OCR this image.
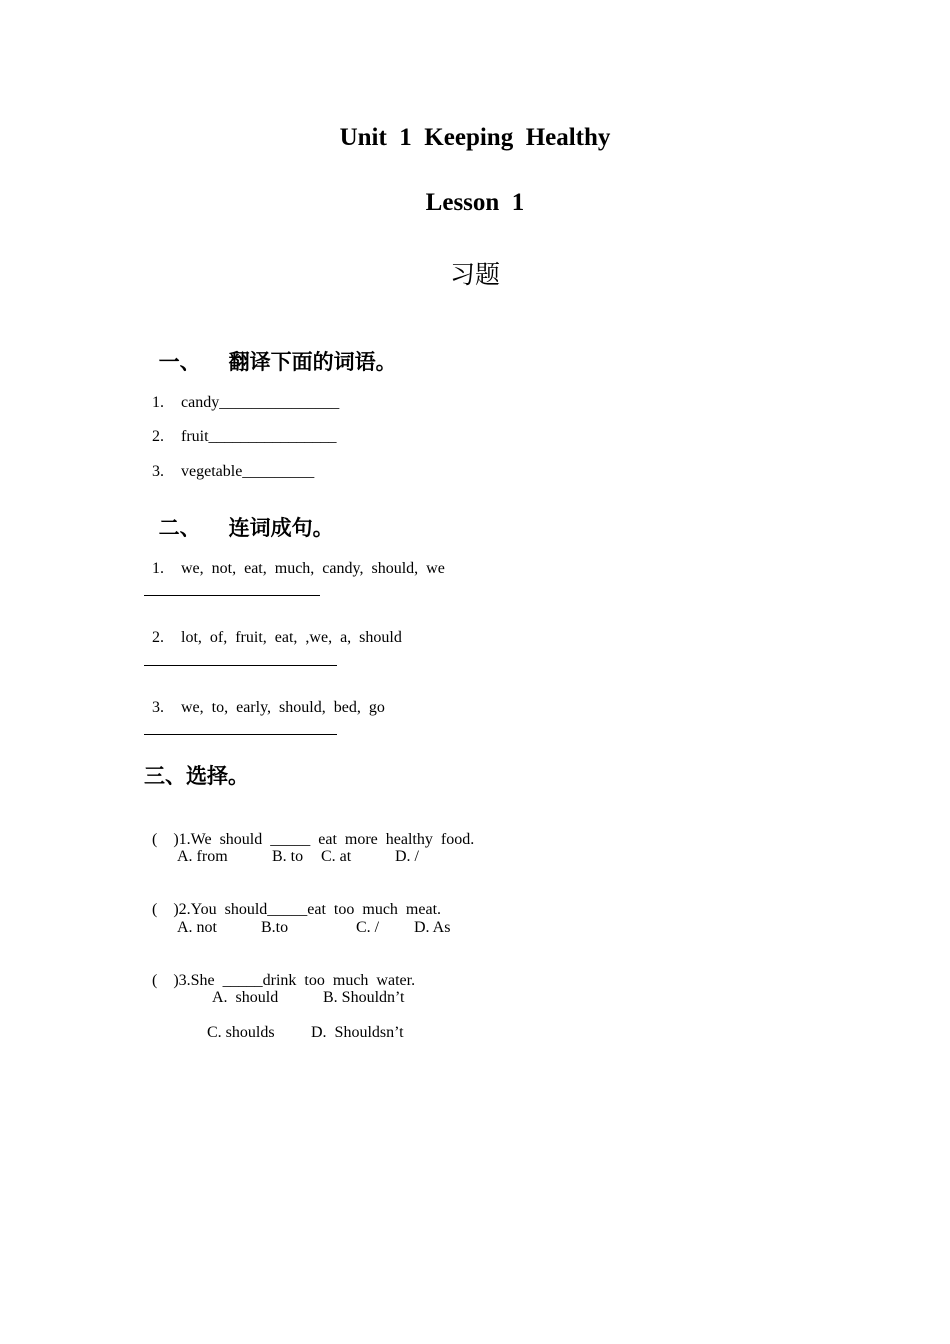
Unit  1  Keeping  Healthy
Lesson  1
习题

一、 翻译下面的词语。

1. candy_______________

2. fruit________________

3. vegetable_________

二、 连词成句。

1. we,  not,  eat,  much,  candy,  should,  we

2. lot,  of,  fruit,  eat,  ,we,  a,  should

3. we,  to,  early,  should,  bed,  go

三、选择。

(    )1.We  should  _____  eat  more  healthy  food.

A. from	B. to C. at	D. /

(    )2.You  should_____eat  too  much  meat.

A. not	B.to	C. / D. As

(    )3.She  _____drink  too  much  water.

A.  should	B. Shouldn’t
C. shoulds D.  Shouldsn’t
